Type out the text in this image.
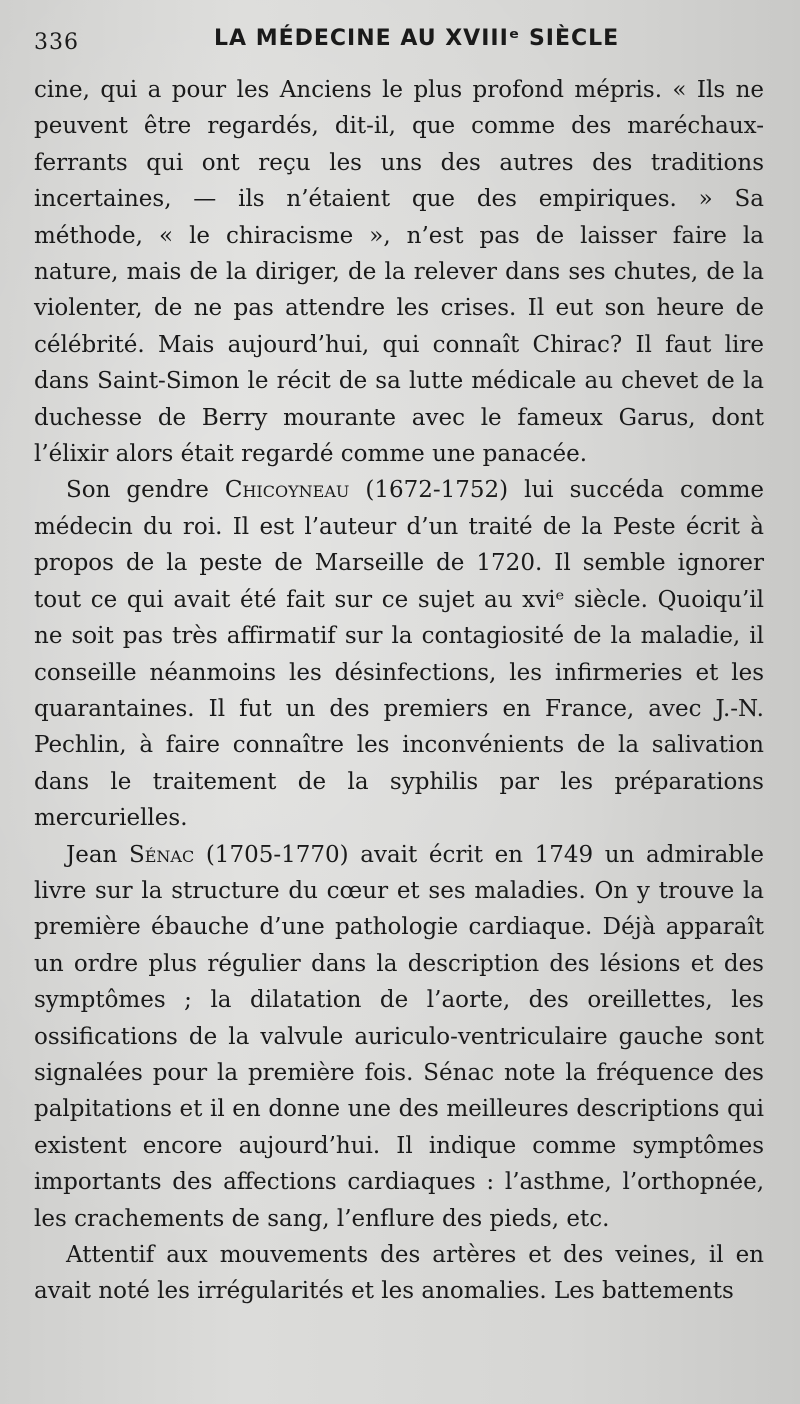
336	LA MÉDECINE AU XVIIIᵉ SIÈCLE

cine, qui a pour les Anciens le plus profond mépris. « Ils ne peuvent être regardés, dit-il, que comme des maréchaux-ferrants qui ont reçu les uns des autres des traditions incertaines, — ils n’étaient que des empiriques. » Sa méthode, « le chiracisme », n’est pas de laisser faire la nature, mais de la diriger, de la relever dans ses chutes, de la violenter, de ne pas attendre les crises. Il eut son heure de célébrité. Mais aujourd’hui, qui connaît Chirac? Il faut lire dans Saint-Simon le récit de sa lutte médicale au chevet de la duchesse de Berry mourante avec le fameux Garus, dont l’élixir alors était regardé comme une panacée.

Son gendre Chicoyneau (1672-1752) lui succéda comme médecin du roi. Il est l’auteur d’un traité de la Peste écrit à propos de la peste de Marseille de 1720. Il semble ignorer tout ce qui avait été fait sur ce sujet au xviᵉ siècle. Quoiqu’il ne soit pas très affirmatif sur la contagiosité de la maladie, il conseille néanmoins les désinfections, les infirmeries et les quarantaines. Il fut un des premiers en France, avec J.-N. Pechlin, à faire connaître les inconvénients de la salivation dans le traitement de la syphilis par les préparations mercurielles.

Jean Sénac (1705-1770) avait écrit en 1749 un admirable livre sur la structure du cœur et ses maladies. On y trouve la première ébauche d’une pathologie cardiaque. Déjà apparaît un ordre plus régulier dans la description des lésions et des symptômes ; la dilatation de l’aorte, des oreillettes, les ossifications de la valvule auriculo-ventriculaire gauche sont signalées pour la première fois. Sénac note la fréquence des palpitations et il en donne une des meilleures descriptions qui existent encore aujourd’hui. Il indique comme symptômes importants des affections cardiaques : l’asthme, l’orthopnée, les crachements de sang, l’enflure des pieds, etc.

Attentif aux mouvements des artères et des veines, il en avait noté les irrégularités et les anomalies. Les battements
